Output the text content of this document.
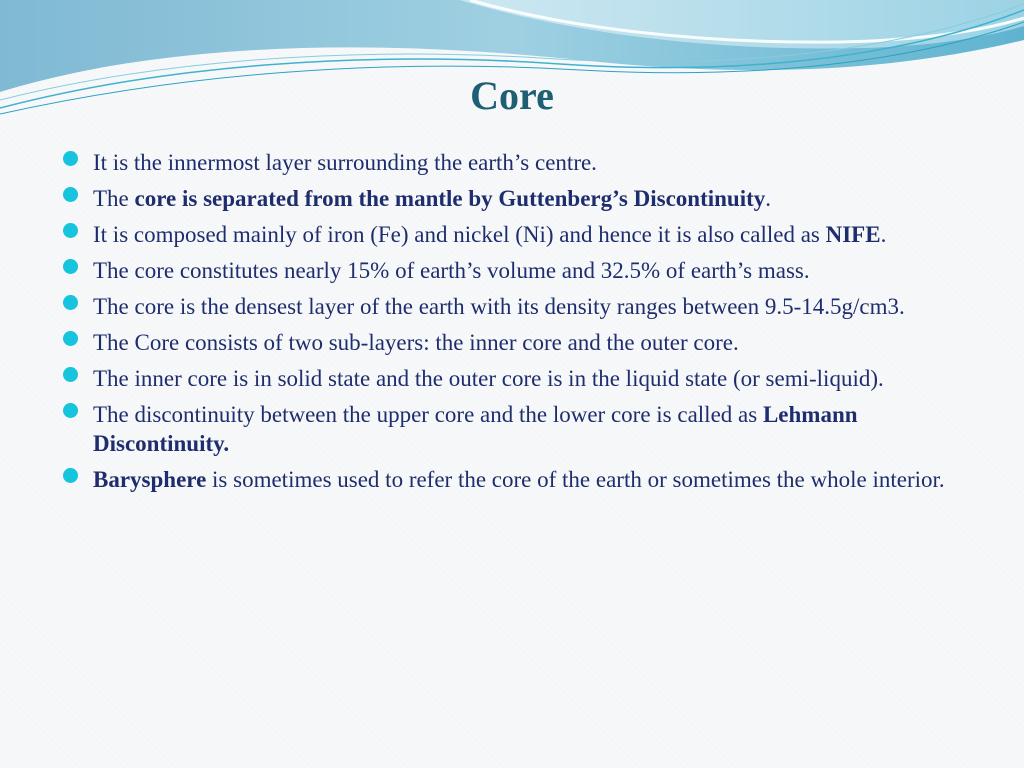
Core
It is the innermost layer surrounding the earth’s centre.
The core is separated from the mantle by Guttenberg’s Discontinuity.
It is composed mainly of iron (Fe) and nickel (Ni) and hence it is also called as NIFE.
The core constitutes nearly 15% of earth’s volume and 32.5% of earth’s mass.
The core is the densest layer of the earth with its density ranges between 9.5-14.5g/cm3.
The Core consists of two sub-layers: the inner core and the outer core.
The inner core is in solid state and the outer core is in the liquid state (or semi-liquid).
The discontinuity between the upper core and the lower core is called as Lehmann Discontinuity.
Barysphere is sometimes used to refer the core of the earth or sometimes the whole interior.
